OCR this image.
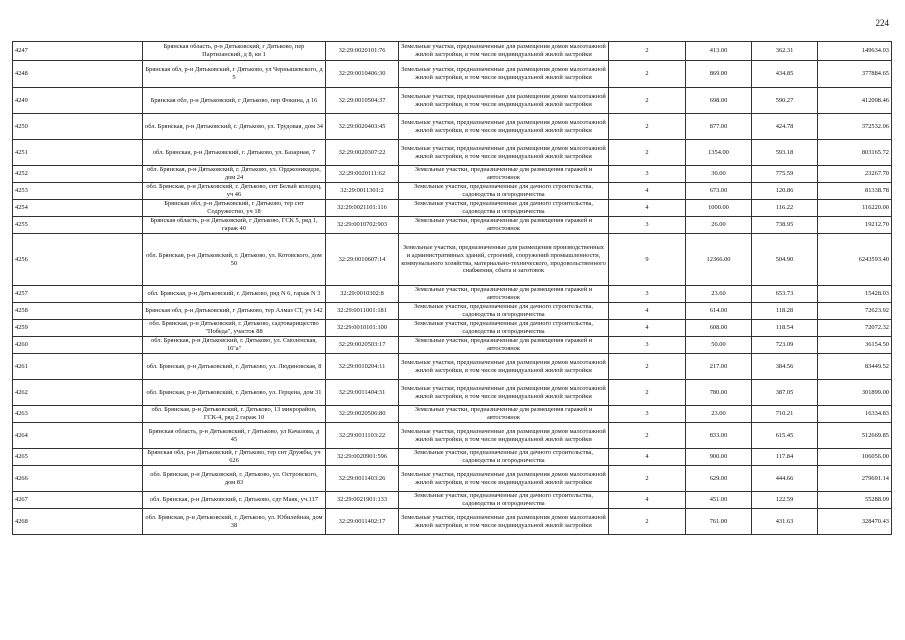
224
4247	Брянская область, р-н Дятьковский, г Дятьково, пер Партизанский, д 8, кв 1	32:29:0020101:76	Земельные участки, предназначенные для размещения домов малоэтажной жилой застройки, в том числе индивидуальной жилой застройки	2	413.00	362.31	149634.03
4248	Брянская обл, р-н Дятьковский, г Дятьково, ул Чернышевского, д 5	32:29:0010406:30	Земельные участки, предназначенные для размещения домов малоэтажной жилой застройки, в том числе индивидуальной жилой застройки	2	869.00	434.85	377884.65
4249	Брянская обл, р-н Дятьковский, г Дятьково, пер Фокина, д 16	32:29:0010504:37	Земельные участки, предназначенные для размещения домов малоэтажной жилой застройки, в том числе индивидуальной жилой застройки	2	698.00	590.27	412008.46
4250	обл. Брянская, р-н Дятьковский, г. Дятьково, ул. Трудовая, дом 34	32:29:0020403:45	Земельные участки, предназначенные для размещения домов малоэтажной жилой застройки, в том числе индивидуальной жилой застройки	2	877.00	424.78	372532.06
4251	обл. Брянская, р-н Дятьковский, г. Дятьково, ул. Базарная, 7	32:29:0020307:22	Земельные участки, предназначенные для размещения домов малоэтажной жилой застройки, в том числе индивидуальной жилой застройки	2	1354.00	593.18	803165.72
4252	обл. Брянская, р-н Дятьковский, г. Дятьково, ул. Орджоникидзе, дом 24	32:29:0020111:62	Земельные участки, предназначенные для размещения гаражей и автостоянок	3	30.00	775.59	23267.70
4253	обл. Брянская, р-н Дятьковский, г. Дятьково, снт Белый колодец, уч 46	32:29:0011301:2	Земельные участки, предназначенные для дачного строительства, садоводства и огородничества	4	673.00	120.86	81338.78
4254	Брянская обл, р-н Дятьковский, г Дятьково, тер снт Содружество, уч 18	32:29:0021101:116	Земельные участки, предназначенные для дачного строительства, садоводства и огородничества	4	1000.00	116.22	116220.00
4255	Брянская область, р-н Дятьковский, г Дятьково, ГСК 5, ряд 1, гараж 40	32:29:0010702:903	Земельные участки, предназначенные для размещения гаражей и автостоянок	3	26.00	738.95	19212.70
4256	обл. Брянская, р-н Дятьковский, г. Дятьково, ул. Котовского, дом 50	32:29:0010607:14	Земельные участки, предназначенные для размещения производственных и административных зданий, строений, сооружений промышленности, коммунального хозяйства, материально-технического, продовольственного снабжения, сбыта и заготовок	9	12366.00	504.90	6243593.40
4257	обл. Брянская, р-н Дятьковский, г. Дятьково, ряд N 6, гараж N 3	32:29:0010302:8	Земельные участки, предназначенные для размещения гаражей и автостоянок	3	23.60	653.73	15428.03
4258	Брянская обл, р-н Дятьковский, г Дятьково, тер Алмаз СТ, уч 142	32:29:0011001:181	Земельные участки, предназначенные для дачного строительства, садоводства и огородничества	4	614.00	118.28	72623.92
4259	обл. Брянская, р-н Дятьковский, г. Дятьково, садтоварищество "Победа", участок 88	32:29:0010101:100	Земельные участки, предназначенные для дачного строительства, садоводства и огородничества	4	608.00	118.54	72072.32
4260	обл. Брянская, р-н Дятьковский, г. Дятьково, ул. Смоленская, 16"а"	32:29:0020503:17	Земельные участки, предназначенные для размещения гаражей и автостоянок	3	50.00	723.09	36154.50
4261	обл. Брянская, р-н Дятьковский, г. Дятьково, ул. Людиновская, 8	32:29:0010204:11	Земельные участки, предназначенные для размещения домов малоэтажной жилой застройки, в том числе индивидуальной жилой застройки	2	217.00	384.56	83449.52
4262	обл. Брянская, р-н Дятьковский, г. Дятьково, ул. Герцена, дом 31	32:29:0011404:31	Земельные участки, предназначенные для размещения домов малоэтажной жилой застройки, в том числе индивидуальной жилой застройки	2	780.00	387.05	301899.00
4263	обл. Брянская, р-н Дятьковский, г. Дятьково, 13 микрорайон, ГСК-4, ряд 2 гараж 10	32:29:0020506:80	Земельные участки, предназначенные для размещения гаражей и автостоянок	3	23.00	710.21	16334.83
4264	Брянская область, р-н Дятьковский, г Дятьково, ул Качалова, д 45	32:29:0011103:22	Земельные участки, предназначенные для размещения домов малоэтажной жилой застройки, в том числе индивидуальной жилой застройки	2	833.00	615.45	512669.85
4265	Брянская обл, р-н Дятьковский, г Дятьково, тер снт Дружбы, уч 626	32:29:0020901:596	Земельные участки, предназначенные для дачного строительства, садоводства и огородничества	4	900.00	117.84	106056.00
4266	обл. Брянская, р-н Дятьковский, г. Дятьково, ул. Островского, дом 83	32:29:0011403:26	Земельные участки, предназначенные для размещения домов малоэтажной жилой застройки, в том числе индивидуальной жилой застройки	2	629.00	444.66	279691.14
4267	обл. Брянская, р-н Дятьковский, г. Дятьково, сдт Маяк, уч.117	32:29:0021901:133	Земельные участки, предназначенные для дачного строительства, садоводства и огородничества	4	451.00	122.59	55288.09
4268	обл. Брянская, р-н Дятьковский, г. Дятьково, ул. Юбилейная, дом 38	32:29:0011402:17	Земельные участки, предназначенные для размещения домов малоэтажной жилой застройки, в том числе индивидуальной жилой застройки	2	761.00	431.63	328470.43
